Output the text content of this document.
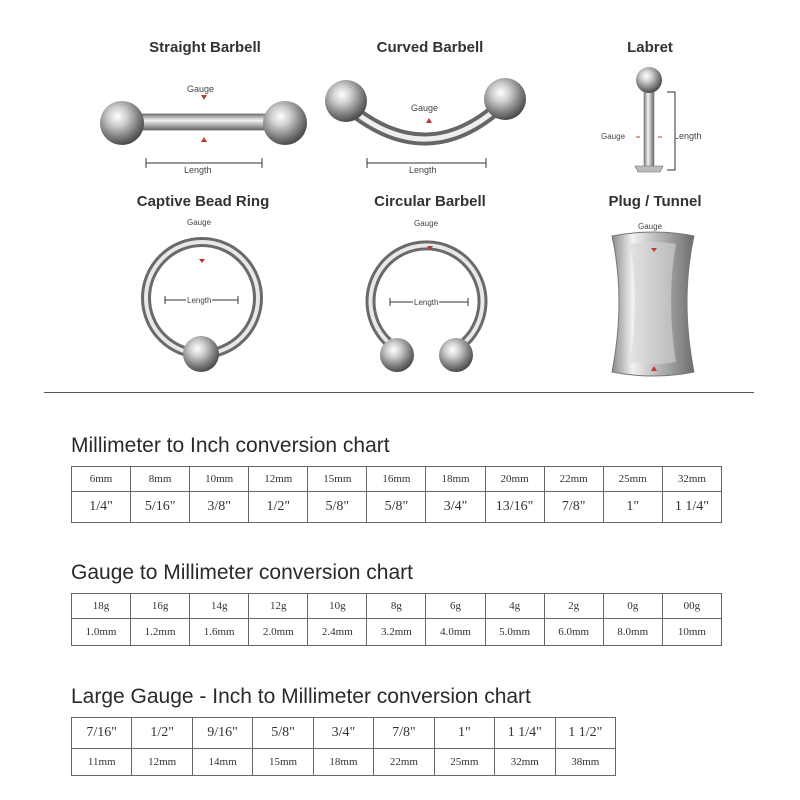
Straight Barbell	Curved Barbell	Labret
Captive Bead Ring	Circular Barbell	Plug / Tunnel
Gauge
Length
Gauge
Length
Gauge	Length
Gauge
Length
Gauge
Length
Gauge
Millimeter to Inch conversion chart
6mm	8mm	10mm	12mm	15mm	16mm	18mm	20mm	22mm	25mm	32mm
1/4"	5/16"	3/8"	1/2"	5/8"	5/8"	3/4"	13/16"	7/8"	1"	1 1/4"
Gauge to Millimeter conversion chart
18g	16g	14g	12g	10g	8g	6g	4g	2g	0g	00g
1.0mm	1.2mm	1.6mm	2.0mm	2.4mm	3.2mm	4.0mm	5.0mm	6.0mm	8.0mm	10mm
Large Gauge - Inch to Millimeter conversion chart
7/16"	1/2"	9/16"	5/8"	3/4"	7/8"	1"	1 1/4"	1 1/2"
11mm	12mm	14mm	15mm	18mm	22mm	25mm	32mm	38mm
